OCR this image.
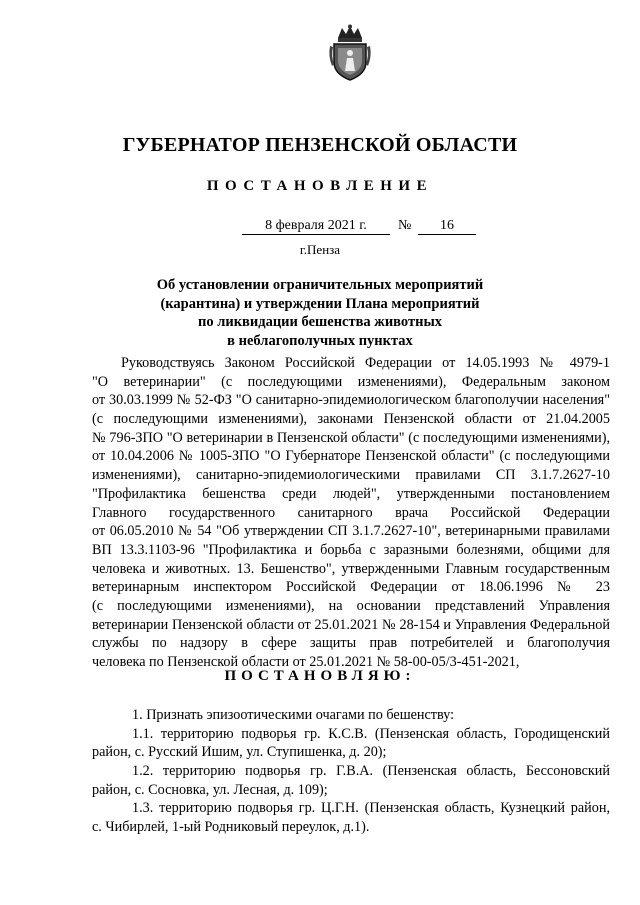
ГУБЕРНАТОР ПЕНЗЕНСКОЙ ОБЛАСТИ
ПОСТАНОВЛЕНИЕ
8 февраля 2021 г.	№	16
г.Пенза
Об установлении ограничительных мероприятий
(карантина) и утверждении Плана мероприятий
по ликвидации бешенства животных
в неблагополучных пунктах
Руководствуясь Законом Российской Федерации от 14.05.1993 № 4979-1
"О ветеринарии" (с последующими изменениями), Федеральным законом
от 30.03.1999 № 52-ФЗ "О санитарно-эпидемиологическом благополучии населения"
(с последующими изменениями), законами Пензенской области от 21.04.2005
№ 796-ЗПО "О ветеринарии в Пензенской области" (с последующими изменениями),
от 10.04.2006 № 1005-ЗПО "О Губернаторе Пензенской области" (с последующими
изменениями), санитарно-эпидемиологическими правилами СП 3.1.7.2627-10
"Профилактика бешенства среди людей", утвержденными постановлением
Главного государственного санитарного врача Российской Федерации
от 06.05.2010 № 54 "Об утверждении СП 3.1.7.2627-10", ветеринарными правилами
ВП 13.3.1103-96 "Профилактика и борьба с заразными болезнями, общими для
человека и животных. 13. Бешенство", утвержденными Главным государственным
ветеринарным инспектором Российской Федерации от 18.06.1996 № 23
(с последующими изменениями), на основании представлений Управления
ветеринарии Пензенской области от 25.01.2021 № 28-154 и Управления Федеральной
службы по надзору в сфере защиты прав потребителей и благополучия
человека по Пензенской области от 25.01.2021 № 58-00-05/3-451-2021,
ПОСТАНОВЛЯЮ:
1. Признать эпизоотическими очагами по бешенству:
1.1. территорию подворья гр. К.С.В. (Пензенская область, Городищенский
район, с. Русский Ишим, ул. Ступишенка, д. 20);
1.2. территорию подворья гр. Г.В.А. (Пензенская область, Бессоновский
район, с. Сосновка, ул. Лесная, д. 109);
1.3. территорию подворья гр. Ц.Г.Н. (Пензенская область, Кузнецкий район,
с. Чибирлей, 1-ый Родниковый переулок, д.1).
